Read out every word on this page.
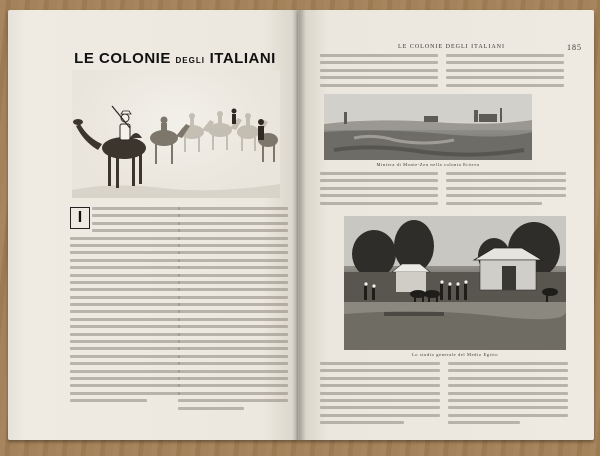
LE COLONIE DEGLI ITALIANI
I
LE COLONIE DEGLI ITALIANI	185
Miniera di Monte-Zeu nella colonia Eritrea
Lo studio generale del Medio Egitto
